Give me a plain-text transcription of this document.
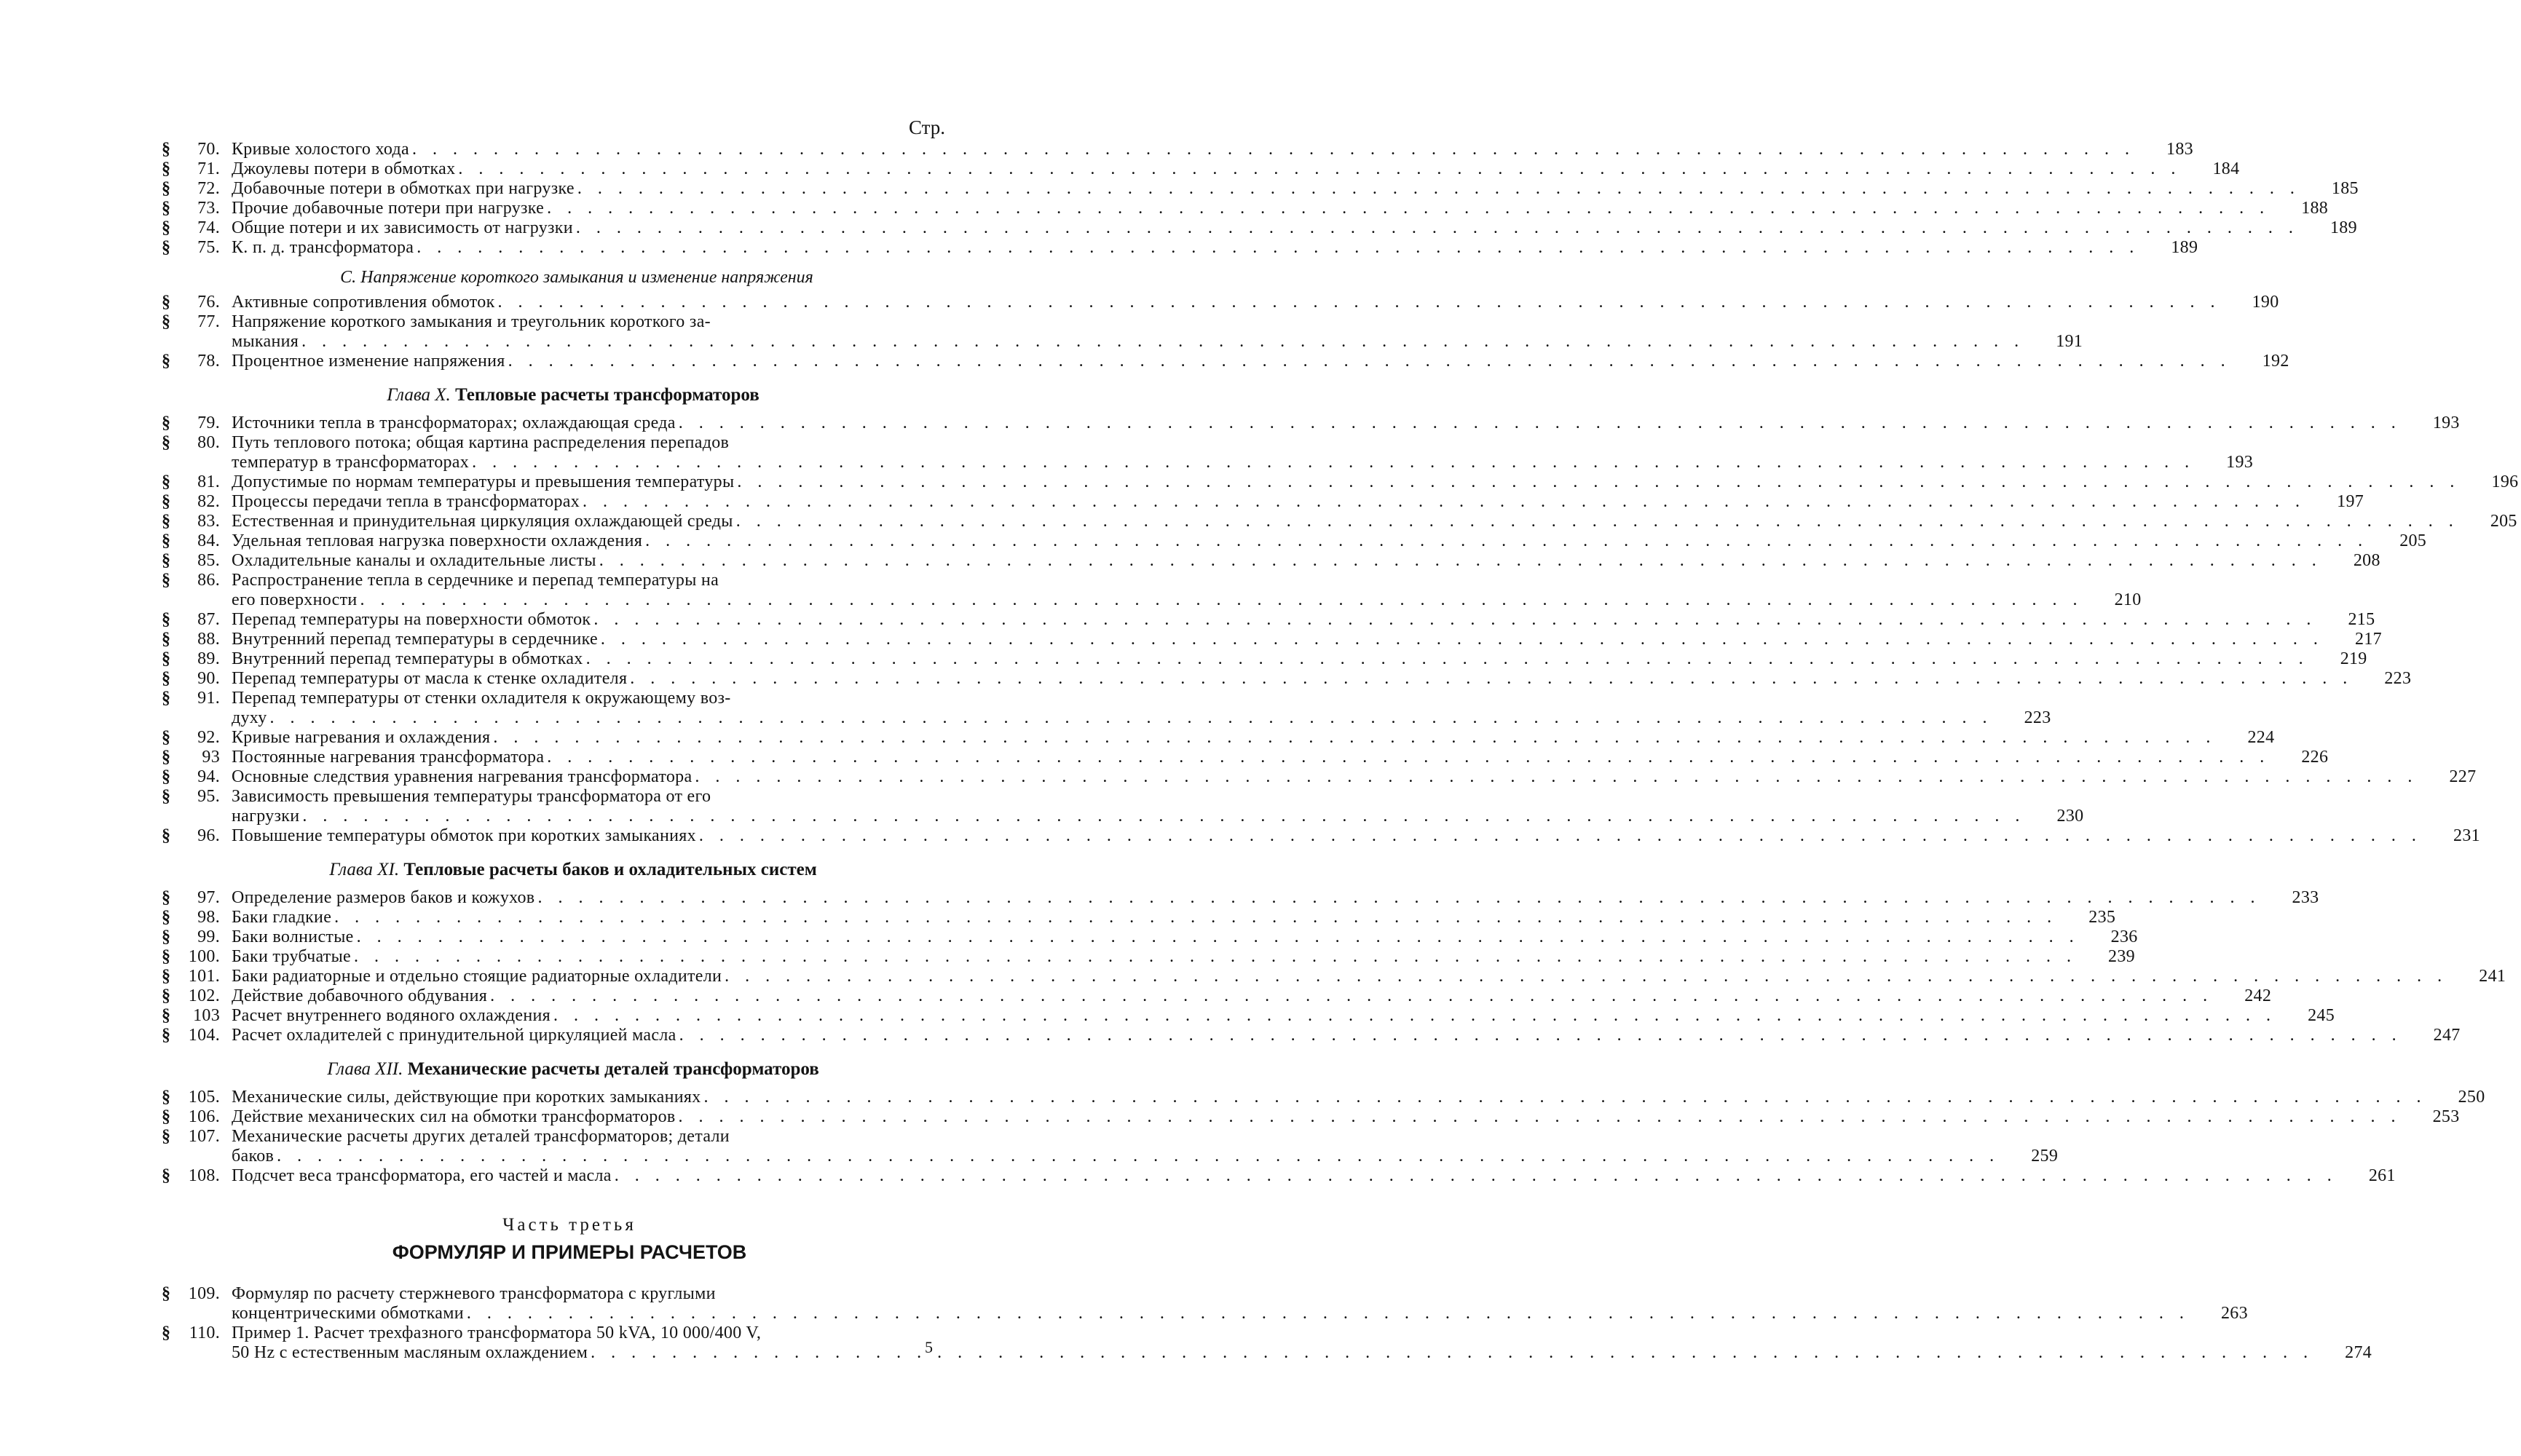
Стр.
§ 70. Кривые холостого хода . . .	183
§ 71. Джоулевы потери в обмотках . . .	184
§ 72. Добавочные потери в обмотках при нагрузке . . .	185
§ 73. Прочие добавочные потери при нагрузке . . .	188
§ 74. Общие потери и их зависимость от нагрузки . . .	189
§ 75. К. п. д. трансформатора . . .	189
С. Напряжение короткого замыкания и изменение напряжения
§ 76. Активные сопротивления обмоток . . .	190
§ 77. Напряжение короткого замыкания и треугольник короткого за-
мыкания . . .	191
§ 78. Процентное изменение напряжения . . .	192
Глава X. Тепловые расчеты трансформаторов
§ 79. Источники тепла в трансформаторах; охлаждающая среда . . .	193
§ 80. Путь теплового потока; общая картина распределения перепадов
температур в трансформаторах . . .	193
§ 81. Допустимые по нормам температуры и превышения температуры . . .	196
§ 82. Процессы передачи тепла в трансформаторах . . .	197
§ 83. Естественная и принудительная циркуляция охлаждающей среды . . .	205
§ 84. Удельная тепловая нагрузка поверхности охлаждения . . .	205
§ 85. Охладительные каналы и охладительные листы . . .	208
§ 86. Распространение тепла в сердечнике и перепад температуры на
его поверхности . . .	210
§ 87. Перепад температуры на поверхности обмоток . . .	215
§ 88. Внутренний перепад температуры в сердечнике . . .	217
§ 89. Внутренний перепад температуры в обмотках . . .	219
§ 90. Перепад температуры от масла к стенке охладителя . . .	223
§ 91. Перепад температуры от стенки охладителя к окружающему воз-
духу . . .	223
§ 92. Кривые нагревания и охлаждения . . .	224
§ 93 Постоянные нагревания трансформатора . . .	226
§ 94. Основные следствия уравнения нагревания трансформатора . . .	227
§ 95. Зависимость превышения температуры трансформатора от его
нагрузки . . .	230
§ 96. Повышение температуры обмоток при коротких замыканиях . . .	231
Глава XI. Тепловые расчеты баков и охладительных систем
§ 97. Определение размеров баков и кожухов . . .	233
§ 98. Баки гладкие . . .	235
§ 99. Баки волнистые . . .	236
§ 100. Баки трубчатые . . .	239
§ 101. Баки радиаторные и отдельно стоящие радиаторные охладители . . .	241
§ 102. Действие добавочного обдувания . . .	242
§ 103 Расчет внутреннего водяного охлаждения . . .	245
§ 104. Расчет охладителей с принудительной циркуляцией масла . . .	247
Глава XII. Механические расчеты деталей трансформаторов
§ 105. Механические силы, действующие при коротких замыканиях . . .	250
§ 106. Действие механических сил на обмотки трансформаторов . . .	253
§ 107. Механические расчеты других деталей трансформаторов; детали
баков . . .	259
§ 108. Подсчет веса трансформатора, его частей и масла . . .	261
Часть третья
ФОРМУЛЯР И ПРИМЕРЫ РАСЧЕТОВ
§ 109. Формуляр по расчету стержневого трансформатора с круглыми
концентрическими обмотками . . .	263
§ 110. Пример 1. Расчет трехфазного трансформатора 50 kVA, 10 000/400 V,
50 Hz с естественным масляным охлаждением . . .	274
5
